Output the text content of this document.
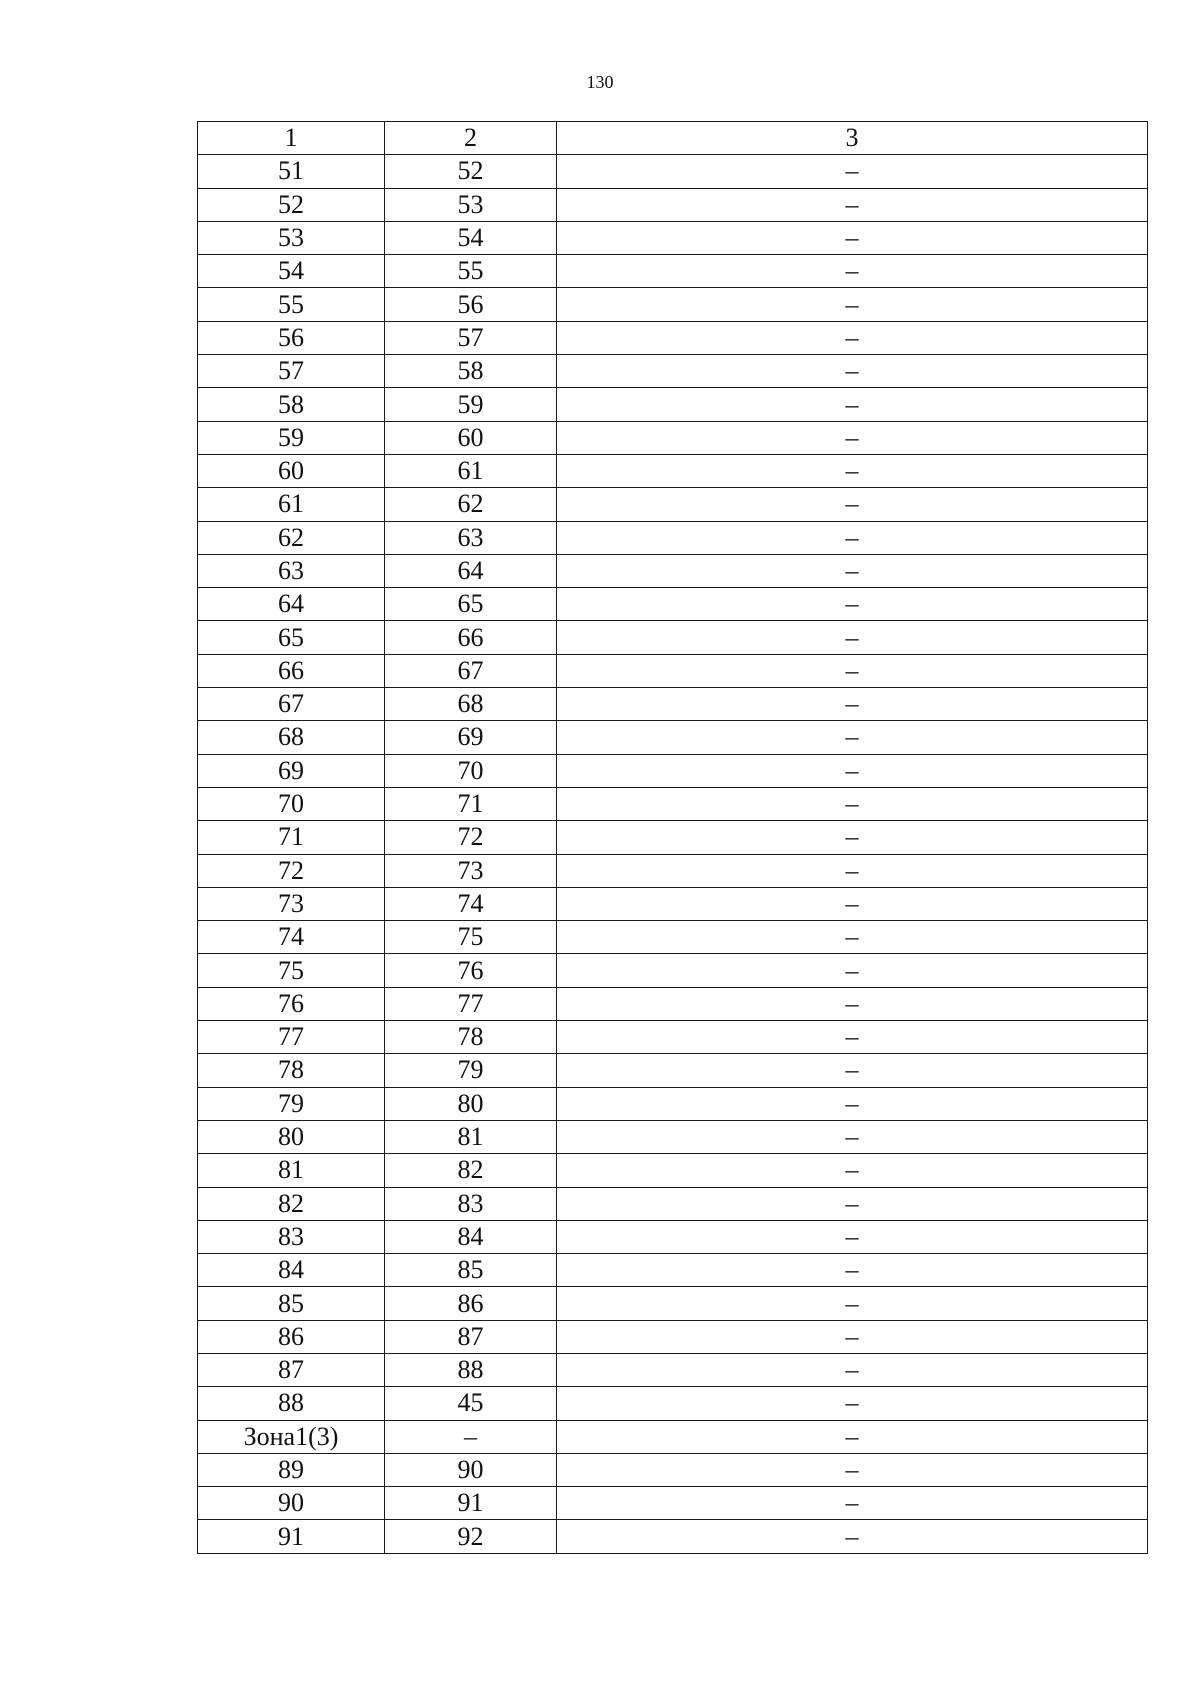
130
1	2	3
51	52	–
52	53	–
53	54	–
54	55	–
55	56	–
56	57	–
57	58	–
58	59	–
59	60	–
60	61	–
61	62	–
62	63	–
63	64	–
64	65	–
65	66	–
66	67	–
67	68	–
68	69	–
69	70	–
70	71	–
71	72	–
72	73	–
73	74	–
74	75	–
75	76	–
76	77	–
77	78	–
78	79	–
79	80	–
80	81	–
81	82	–
82	83	–
83	84	–
84	85	–
85	86	–
86	87	–
87	88	–
88	45	–
Зона1(3)	–	–
89	90	–
90	91	–
91	92	–
